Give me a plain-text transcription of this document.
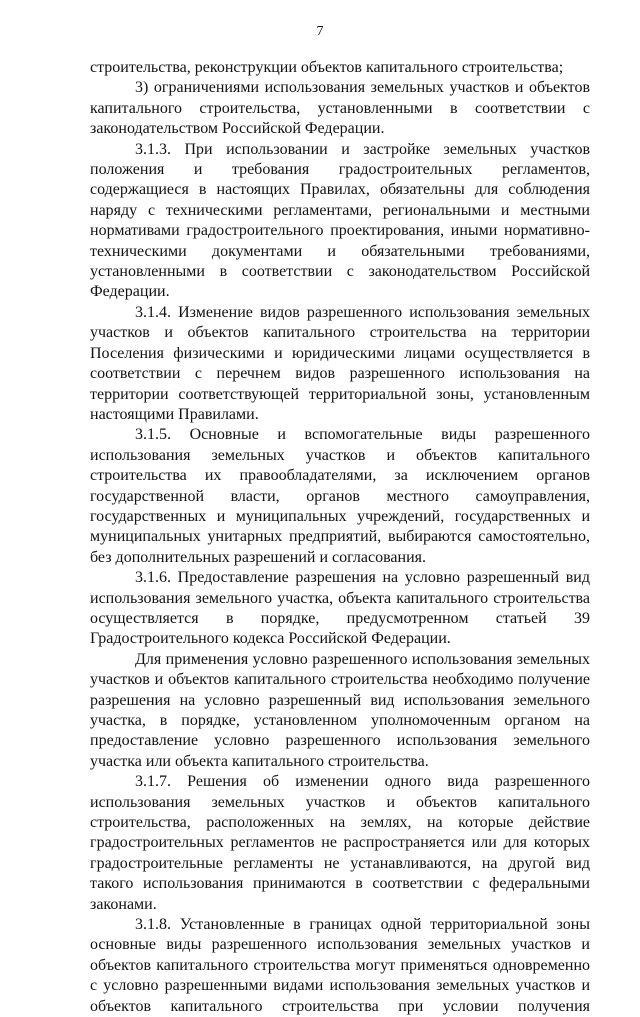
7

строительства, реконструкции объектов капитального строительства;

3) ограничениями использования земельных участков и объектов капитального строительства, установленными в соответствии с законодательством Российской Федерации.

3.1.3. При использовании и застройке земельных участков положения и требования градостроительных регламентов, содержащиеся в настоящих Правилах, обязательны для соблюдения наряду с техническими регламентами, региональными и местными нормативами градостроительного проектирования, иными нормативно-техническими документами и обязательными требованиями, установленными в соответствии с законодательством Российской Федерации.

3.1.4. Изменение видов разрешенного использования земельных участков и объектов капитального строительства на территории Поселения физическими и юридическими лицами осуществляется в соответствии с перечнем видов разрешенного использования на территории соответствующей территориальной зоны, установленным настоящими Правилами.

3.1.5. Основные и вспомогательные виды разрешенного использования земельных участков и объектов капитального строительства их правообладателями, за исключением органов государственной власти, органов местного самоуправления, государственных и муниципальных учреждений, государственных и муниципальных унитарных предприятий, выбираются самостоятельно, без дополнительных разрешений и согласования.

3.1.6. Предоставление разрешения на условно разрешенный вид использования земельного участка, объекта капитального строительства осуществляется в порядке, предусмотренном статьей 39 Градостроительного кодекса Российской Федерации.

Для применения условно разрешенного использования земельных участков и объектов капитального строительства необходимо получение разрешения на условно разрешенный вид использования земельного участка, в порядке, установленном уполномоченным органом на предоставление условно разрешенного использования земельного участка или объекта капитального строительства.

3.1.7. Решения об изменении одного вида разрешенного использования земельных участков и объектов капитального строительства, расположенных на землях, на которые действие градостроительных регламентов не распространяется или для которых градостроительные регламенты не устанавливаются, на другой вид такого использования принимаются в соответствии с федеральными законами.

3.1.8. Установленные в границах одной территориальной зоны основные виды разрешенного использования земельных участков и объектов капитального строительства могут применяться одновременно с условно разрешенными видами использования земельных участков и объектов капитального строительства при условии получения
